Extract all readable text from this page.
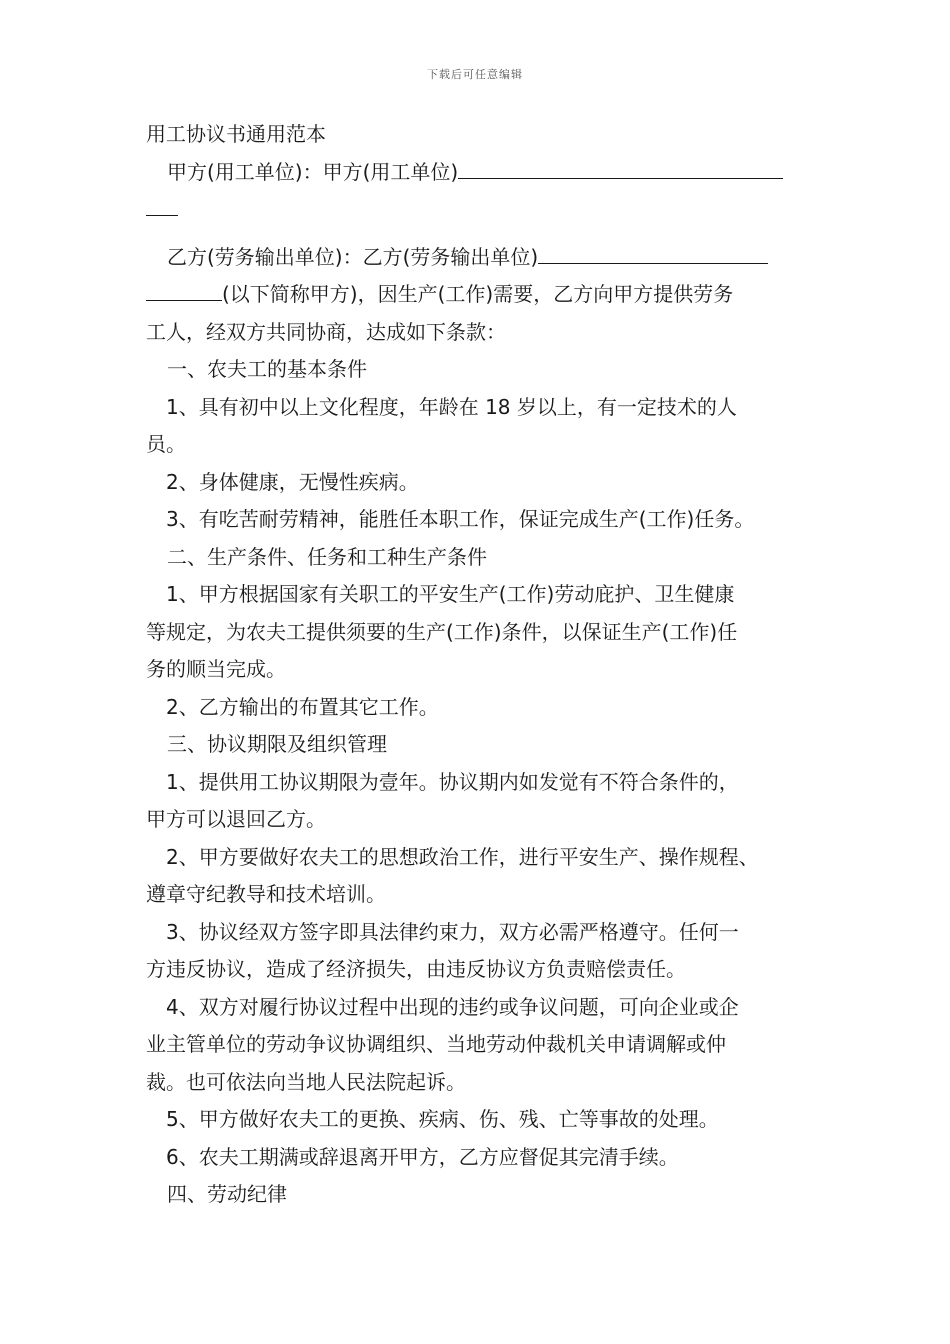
下载后可任意编辑
用工协议书通用范本
甲方(用工单位)：甲方(用工单位)
乙方(劳务输出单位)：乙方(劳务输出单位)
(以下简称甲方)，因生产(工作)需要，乙方向甲方提供劳务
工人，经双方共同协商，达成如下条款：
一、农夫工的基本条件
1、具有初中以上文化程度，年龄在 18 岁以上，有一定技术的人
员。
2、身体健康，无慢性疾病。
3、有吃苦耐劳精神，能胜任本职工作，保证完成生产(工作)任务。
二、生产条件、任务和工种生产条件
1、甲方根据国家有关职工的平安生产(工作)劳动庇护、卫生健康
等规定，为农夫工提供须要的生产(工作)条件，以保证生产(工作)任
务的顺当完成。
2、乙方输出的布置其它工作。
三、协议期限及组织管理
1、提供用工协议期限为壹年。协议期内如发觉有不符合条件的，
甲方可以退回乙方。
2、甲方要做好农夫工的思想政治工作，进行平安生产、操作规程、
遵章守纪教导和技术培训。
3、协议经双方签字即具法律约束力，双方必需严格遵守。任何一
方违反协议，造成了经济损失，由违反协议方负责赔偿责任。
4、双方对履行协议过程中出现的违约或争议问题，可向企业或企
业主管单位的劳动争议协调组织、当地劳动仲裁机关申请调解或仲
裁。也可依法向当地人民法院起诉。
5、甲方做好农夫工的更换、疾病、伤、残、亡等事故的处理。
6、农夫工期满或辞退离开甲方，乙方应督促其完清手续。
四、劳动纪律
